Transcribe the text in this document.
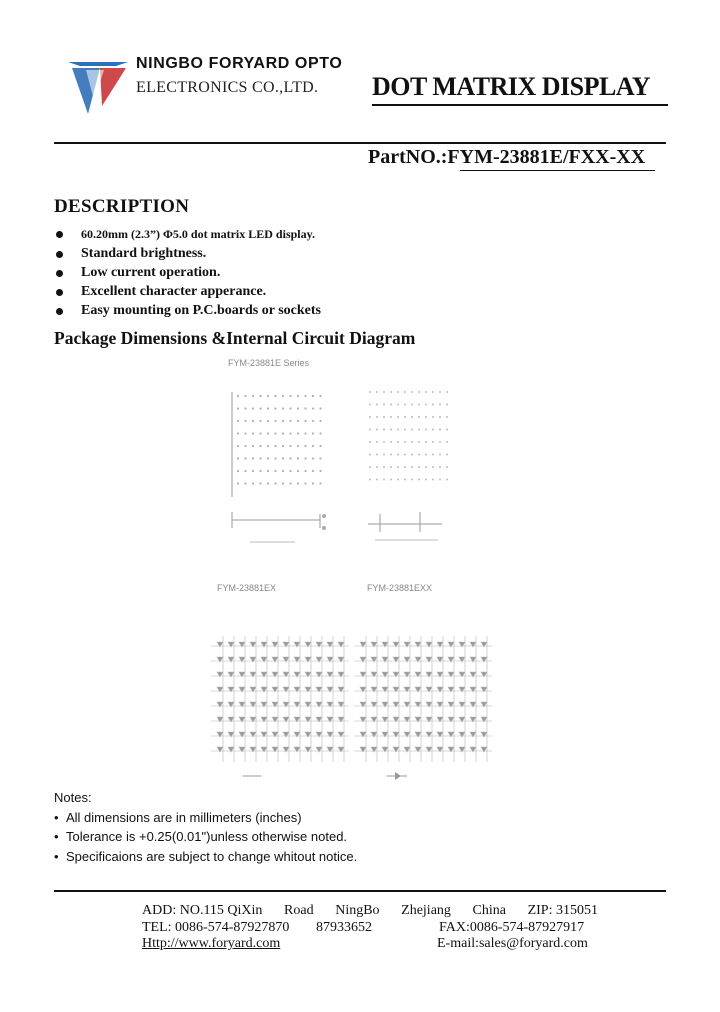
NINGBO FORYARD OPTO
ELECTRONICS CO.,LTD. DOT MATRIX DISPLAY
PartNO.:FYM-23881E/FXX-XX
DESCRIPTION
60.20mm (2.3”) Φ5.0 dot matrix LED display.
Standard brightness.
Low current operation.
Excellent character apperance.
Easy mounting on P.C.boards or sockets
Package Dimensions &Internal Circuit Diagram
FYM-23881E Series
FYM-23881EX	FYM-23881EXX
Notes:
• All dimensions are in millimeters (inches)
• Tolerance is +0.25(0.01")unless otherwise noted.
• Specificaions are subject to change whitout notice.
ADD: NO.115 QiXin Road NingBo Zhejiang China ZIP: 315051
TEL: 0086-574-87927870 87933652	FAX:0086-574-87927917
Http://www.foryard.com	E-mail:sales@foryard.com
